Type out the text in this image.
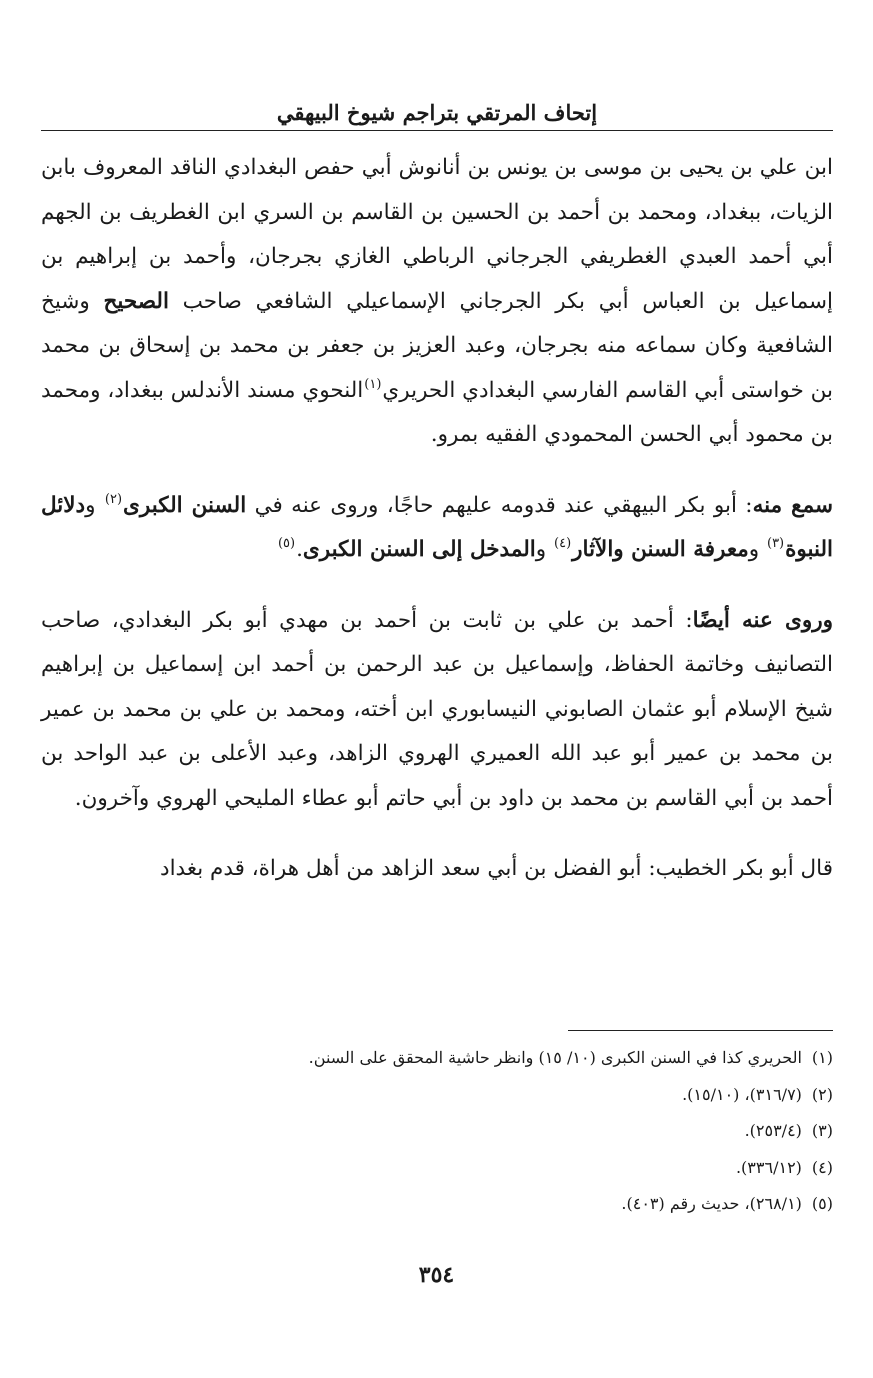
إتحاف المرتقي بتراجم شيوخ البيهقي

ابن علي بن يحيى بن موسى بن يونس بن أنانوش أبي حفص البغدادي الناقد المعروف بابن الزيات، ببغداد، ومحمد بن أحمد بن الحسين بن القاسم بن السري ابن الغطريف بن الجهم أبي أحمد العبدي الغطريفي الجرجاني الرباطي الغازي بجرجان، وأحمد بن إبراهيم بن إسماعيل بن العباس أبي بكر الجرجاني الإسماعيلي الشافعي صاحب الصحيح وشيخ الشافعية وكان سماعه منه بجرجان، وعبد العزيز بن جعفر بن محمد بن إسحاق بن محمد بن خواستى أبي القاسم الفارسي البغدادي الحريري$^{(١)}$النحوي مسند الأندلس ببغداد، ومحمد بن محمود أبي الحسن المحمودي الفقيه بمرو.

سمع منه: أبو بكر البيهقي عند قدومه عليهم حاجًا، وروى عنه في السنن الكبرى$^{(٢)}$ ودلائل النبوة$^{(٣)}$ ومعرفة السنن والآثار$^{(٤)}$ والمدخل إلى السنن الكبرى.$^{(٥)}$

وروى عنه أيضًا: أحمد بن علي بن ثابت بن أحمد بن مهدي أبو بكر البغدادي، صاحب التصانيف وخاتمة الحفاظ، وإسماعيل بن عبد الرحمن بن أحمد ابن إسماعيل بن إبراهيم شيخ الإسلام أبو عثمان الصابوني النيسابوري ابن أخته، ومحمد بن علي بن محمد بن عمير بن محمد بن عمير أبو عبد الله العميري الهروي الزاهد، وعبد الأعلى بن عبد الواحد بن أحمد بن أبي القاسم بن محمد بن داود بن أبي حاتم أبو عطاء المليحي الهروي وآخرون.

قال أبو بكر الخطيب: أبو الفضل بن أبي سعد الزاهد من أهل هراة، قدم بغداد

(١)الحريري كذا في السنن الكبرى (١٠/ ١٥) وانظر حاشية المحقق على السنن.
(٢)(٣١٦/٧)، (١٥/١٠).
(٣)(٢٥٣/٤).
(٤)(٣٣٦/١٢).
(٥)(٢٦٨/١)، حديث رقم (٤٠٣).
٣٥٤
